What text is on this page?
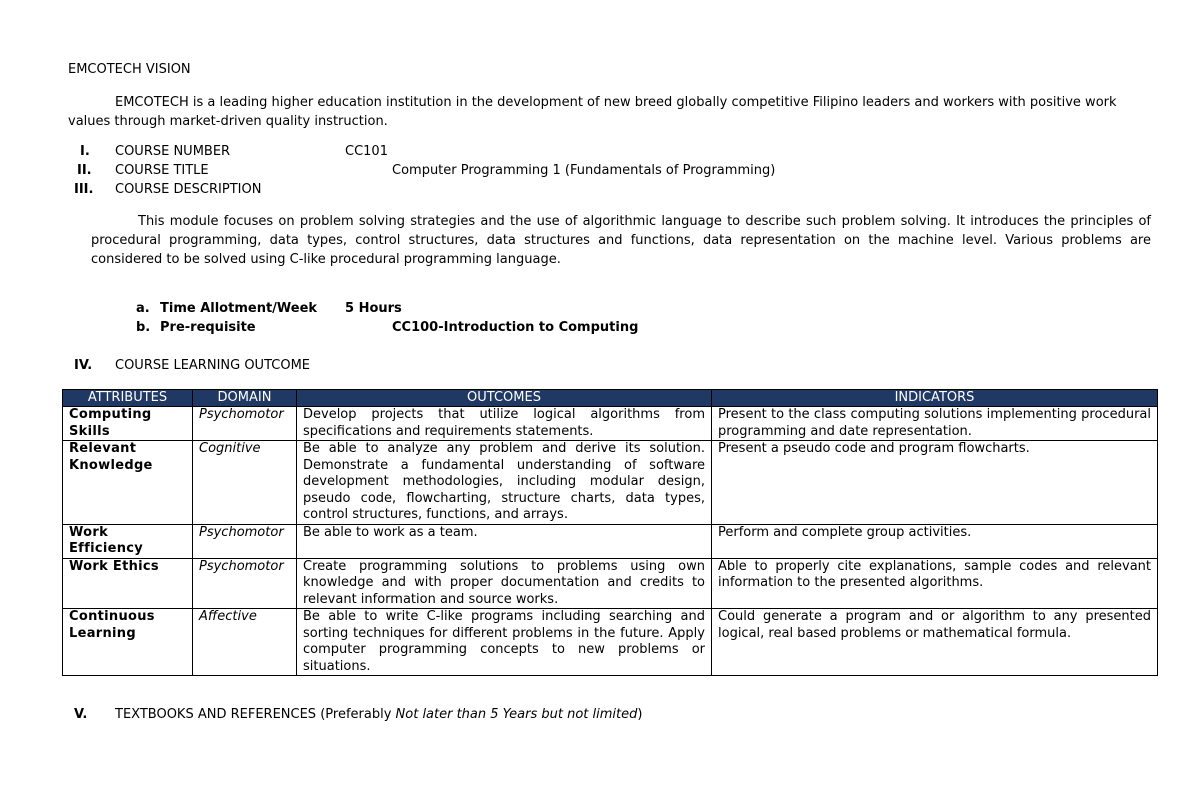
EMCOTECH VISION
EMCOTECH is a leading higher education institution in the development of new breed globally competitive Filipino leaders and workers with positive work values through market-driven quality instruction.
I. COURSE NUMBER	CC101
II. COURSE TITLE	Computer Programming 1 (Fundamentals of Programming)
III. COURSE DESCRIPTION
This module focuses on problem solving strategies and the use of algorithmic language to describe such problem solving. It introduces the principles of procedural programming, data types, control structures, data structures and functions, data representation on the machine level. Various problems are considered to be solved using C-like procedural programming language.
a. Time Allotment/Week 5 Hours
b. Pre-requisite	CC100-Introduction to Computing
IV. COURSE LEARNING OUTCOME
ATTRIBUTES	DOMAIN	OUTCOMES	INDICATORS
Computing Skills	Psychomotor	Develop projects that utilize logical algorithms from specifications and requirements statements.	Present to the class computing solutions implementing procedural programming and date representation.
Relevant Knowledge	Cognitive	Be able to analyze any problem and derive its solution. Demonstrate a fundamental understanding of software development methodologies, including modular design, pseudo code, flowcharting, structure charts, data types, control structures, functions, and arrays.	Present a pseudo code and program flowcharts.
Work Efficiency	Psychomotor	Be able to work as a team.	Perform and complete group activities.
Work Ethics	Psychomotor	Create programming solutions to problems using own knowledge and with proper documentation and credits to relevant information and source works.	Able to properly cite explanations, sample codes and relevant information to the presented algorithms.
Continuous Learning	Affective	Be able to write C-like programs including searching and sorting techniques for different problems in the future. Apply computer programming concepts to new problems or situations.	Could generate a program and or algorithm to any presented logical, real based problems or mathematical formula.
V. TEXTBOOKS AND REFERENCES (Preferably Not later than 5 Years but not limited)
